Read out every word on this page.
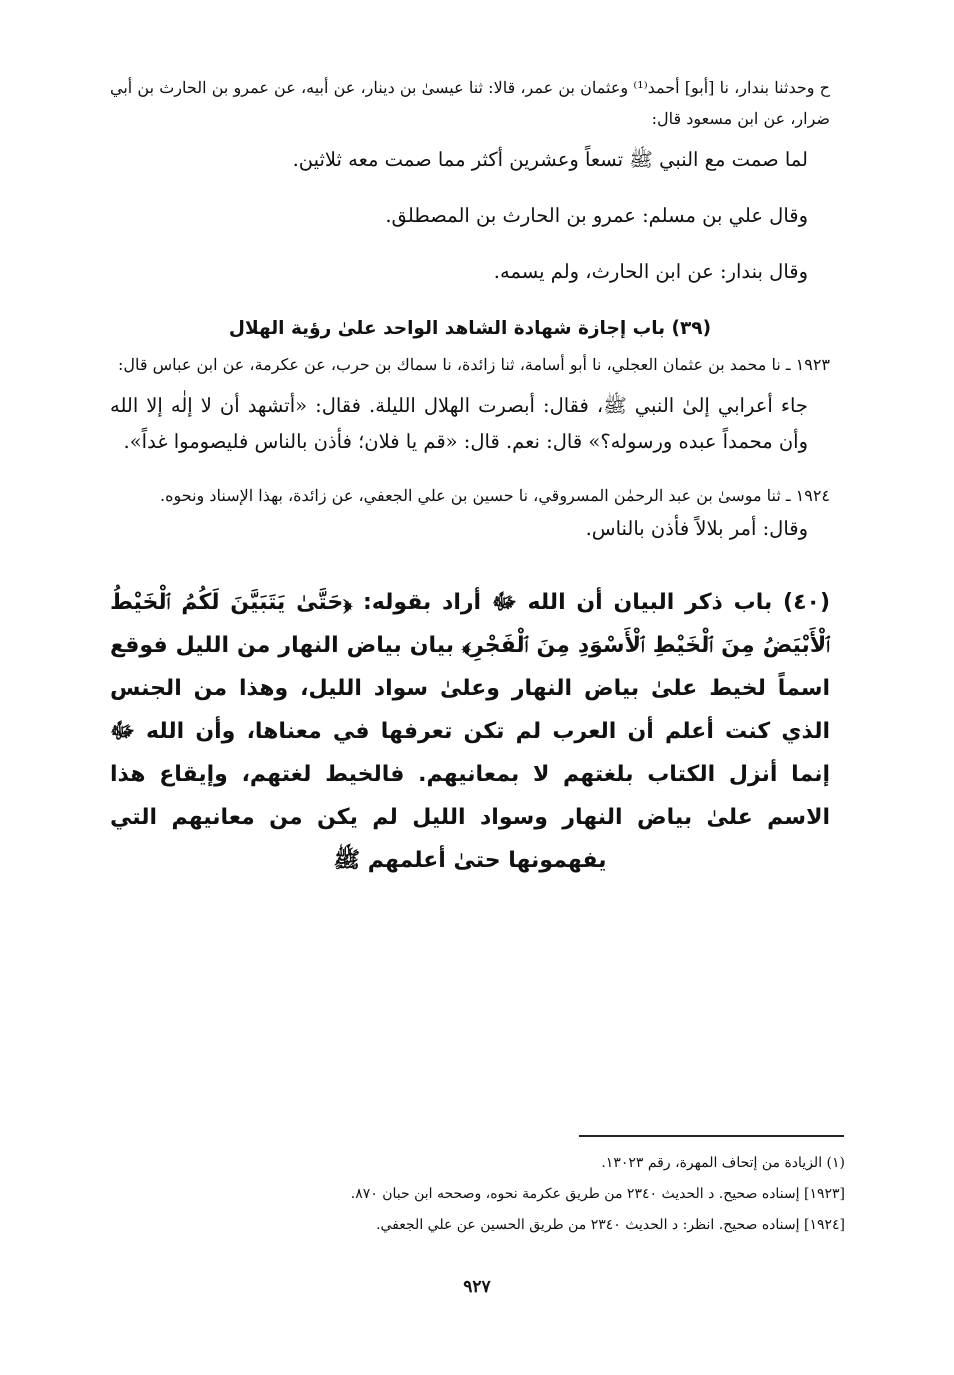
ح وحدثنا بندار، نا [أبو] أحمد⁽¹⁾ وعثمان بن عمر، قالا: ثنا عيسىٰ بن دينار، عن أبيه، عن عمرو بن الحارث بن أبي ضرار، عن ابن مسعود قال:

لما صمت مع النبي ﷺ تسعاً وعشرين أكثر مما صمت معه ثلاثين.

وقال علي بن مسلم: عمرو بن الحارث بن المصطلق.

وقال بندار: عن ابن الحارث، ولم يسمه.

(٣٩) باب إجازة شهادة الشاهد الواحد علىٰ رؤية الهلال

١٩٢٣ ـ نا محمد بن عثمان العجلي، نا أبو أسامة، ثنا زائدة، نا سماك بن حرب، عن عكرمة، عن ابن عباس قال:

جاء أعرابي إلىٰ النبي ﷺ، فقال: أبصرت الهلال الليلة. فقال: «أتشهد أن لا إلٰه إلا الله وأن محمداً عبده ورسوله؟» قال: نعم. قال: «قم يا فلان؛ فأذن بالناس فليصوموا غداً».

١٩٢٤ ـ ثنا موسىٰ بن عبد الرحمٰن المسروقي، نا حسين بن علي الجعفي، عن زائدة، بهذا الإسناد ونحوه.

وقال: أمر بلالاً فأذن بالناس.

(٤٠) باب ذكر البيان أن الله ﷻ أراد بقوله: ﴿حَتَّىٰ يَتَبَيَّنَ لَكُمُ ٱلْخَيْطُ ٱلْأَبْيَضُ مِنَ ٱلْخَيْطِ ٱلْأَسْوَدِ مِنَ ٱلْفَجْرِ﴾ بيان بياض النهار من الليل فوقع اسماً لخيط علىٰ بياض النهار وعلىٰ سواد الليل، وهذا من الجنس الذي كنت أعلم أن العرب لم تكن تعرفها في معناها، وأن الله ﷻ إنما أنزل الكتاب بلغتهم لا بمعانيهم. فالخيط لغتهم، وإيقاع هذا الاسم علىٰ بياض النهار وسواد الليل لم يكن من معانيهم التي يفهمونها حتىٰ أعلمهم ﷺ

(١) الزيادة من إتحاف المهرة، رقم ١٣٠٢٣.

[١٩٢٣] إسناده صحيح. د الحديث ٢٣٤٠ من طريق عكرمة نحوه، وصححه ابن حبان ٨٧٠.

[١٩٢٤] إسناده صحيح. انظر: د الحديث ٢٣٤٠ من طريق الحسين عن علي الجعفي.

٩٢٧
